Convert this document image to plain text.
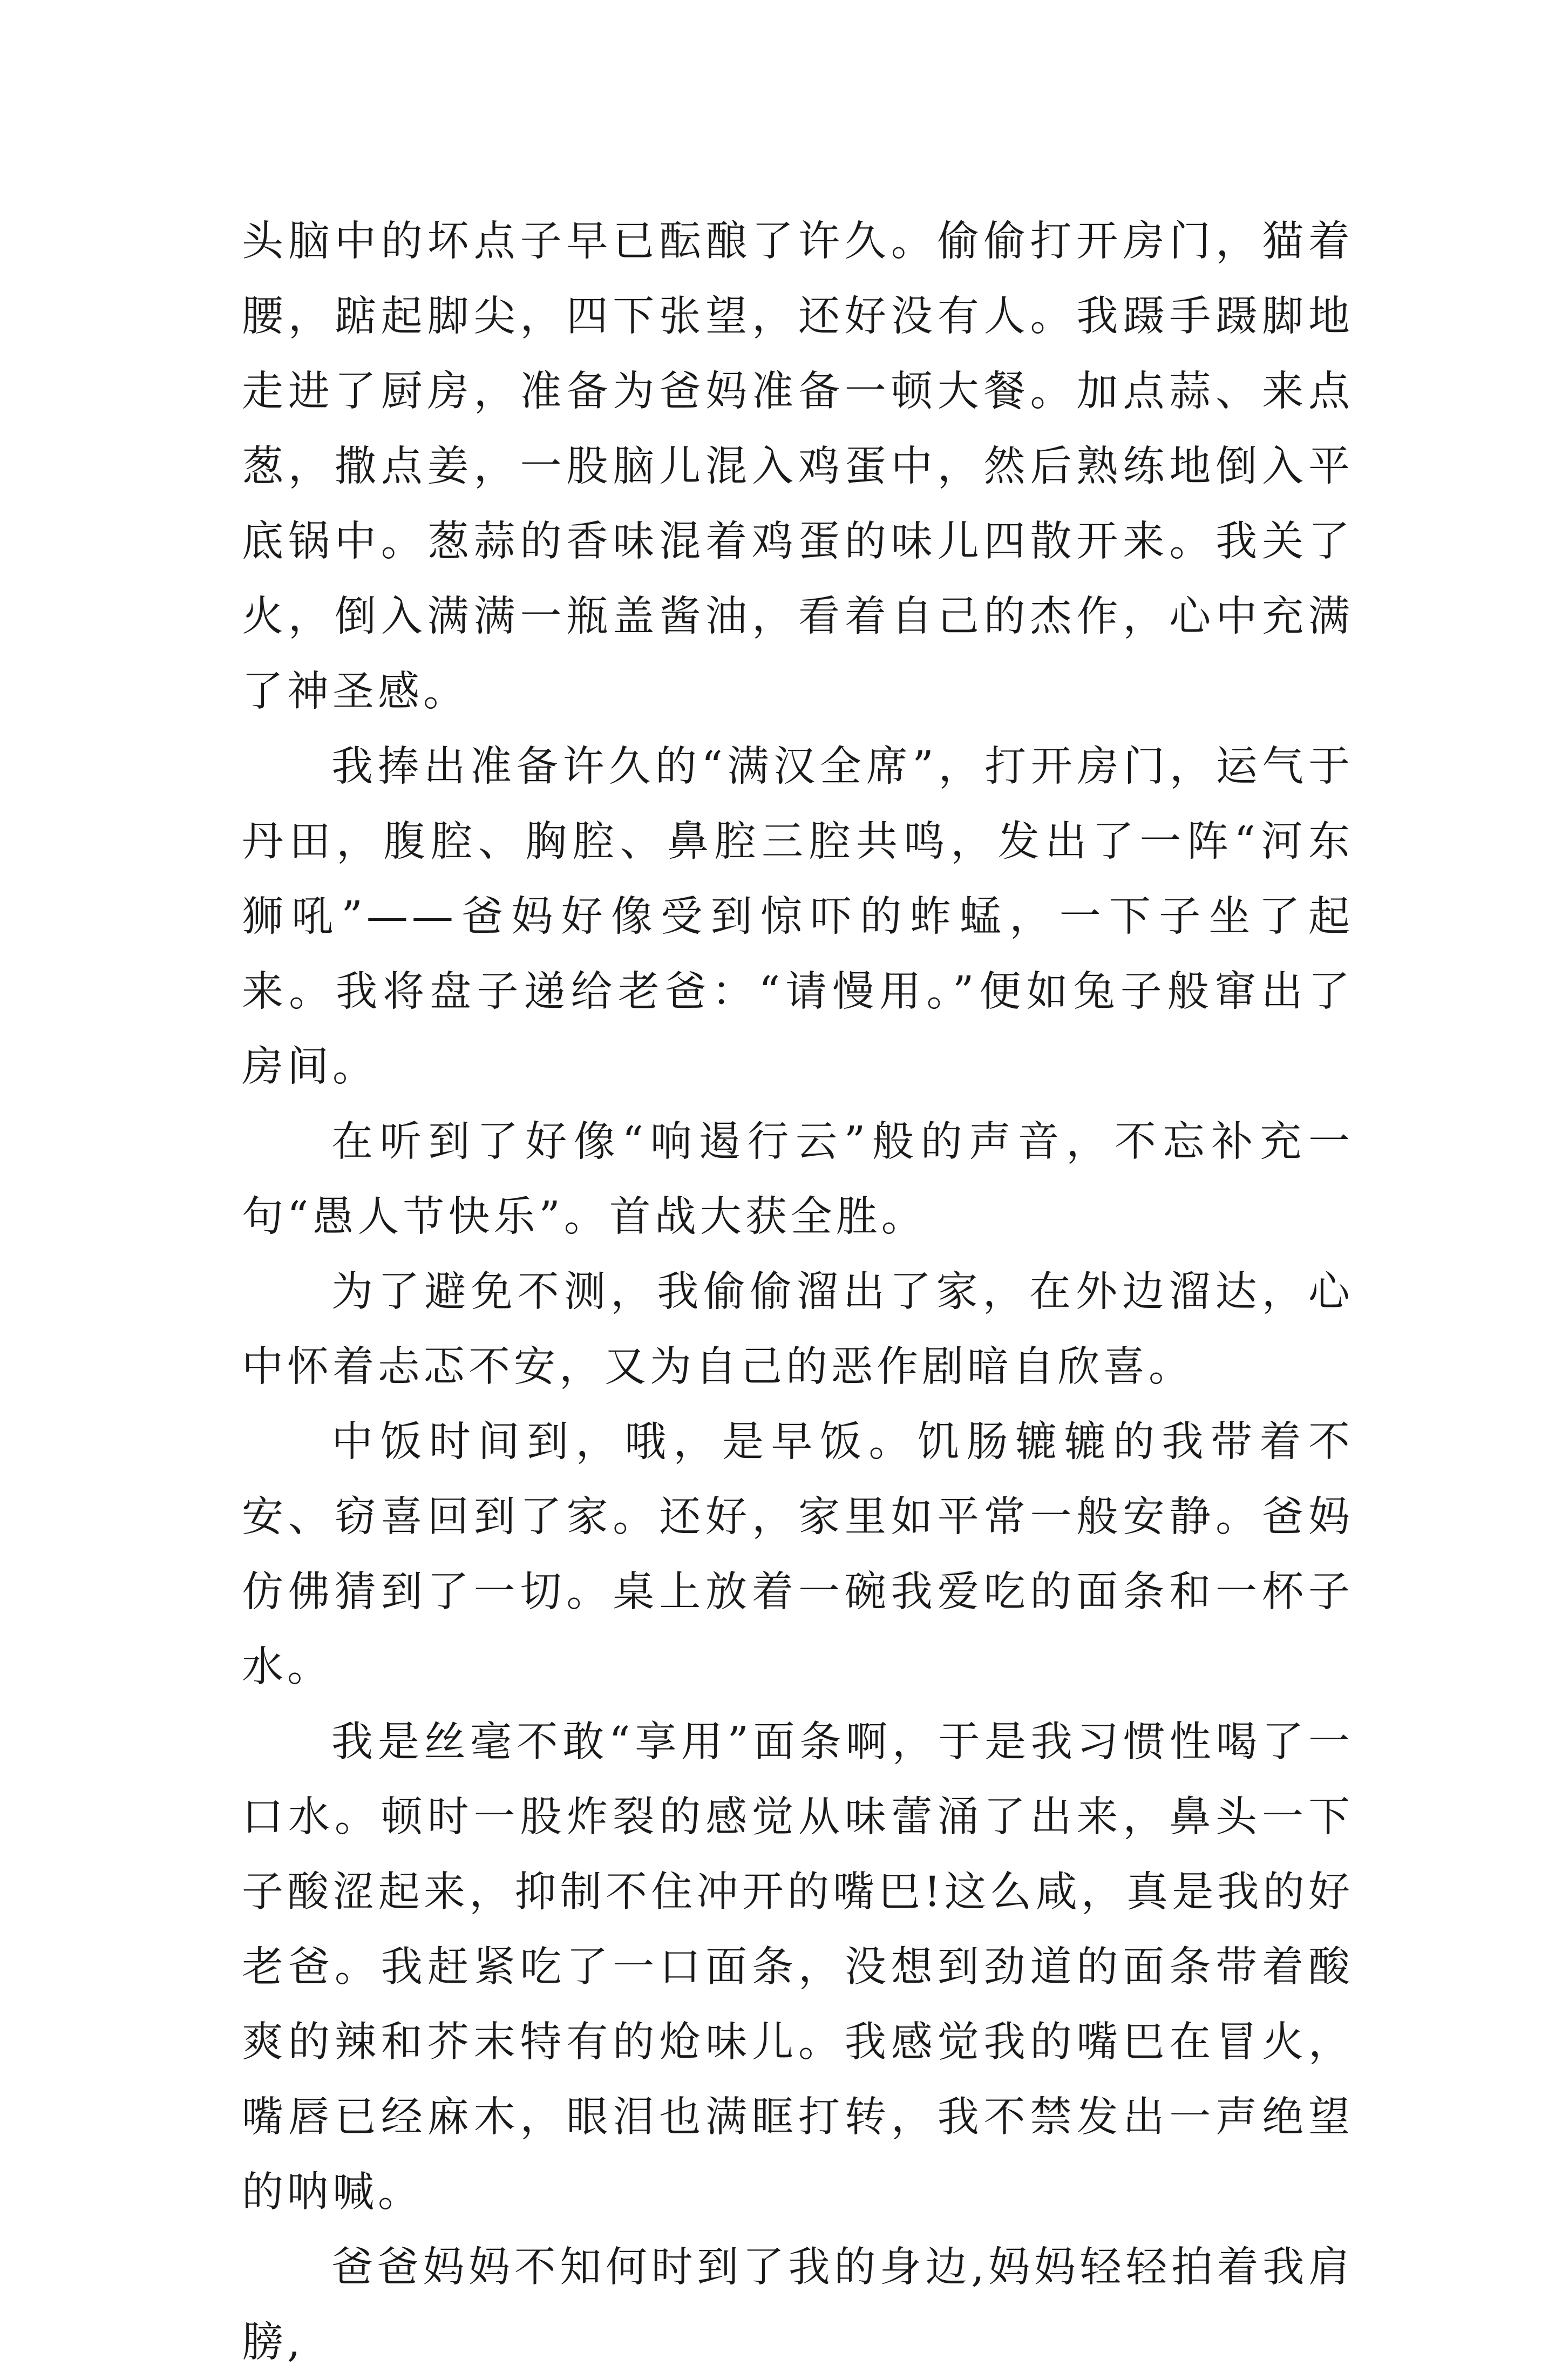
头脑中的坏点子早已酝酿了许久。偷偷打开房门，猫着腰，踮起脚尖，四下张望，还好没有人。我蹑手蹑脚地走进了厨房，准备为爸妈准备一顿大餐。加点蒜、来点葱，撒点姜，一股脑儿混入鸡蛋中，然后熟练地倒入平底锅中。葱蒜的香味混着鸡蛋的味儿四散开来。我关了火，倒入满满一瓶盖酱油，看着自己的杰作，心中充满了神圣感。

我捧出准备许久的“满汉全席”，打开房门，运气于丹田，腹腔、胸腔、鼻腔三腔共鸣，发出了一阵“河东狮吼”——爸妈好像受到惊吓的蚱蜢，一下子坐了起来。我将盘子递给老爸：“请慢用。”便如兔子般窜出了房间。

在听到了好像“响遏行云”般的声音，不忘补充一句“愚人节快乐”。首战大获全胜。

为了避免不测，我偷偷溜出了家，在外边溜达，心中怀着忐忑不安，又为自己的恶作剧暗自欣喜。

中饭时间到，哦，是早饭。饥肠辘辘的我带着不安、窃喜回到了家。还好，家里如平常一般安静。爸妈仿佛猜到了一切。桌上放着一碗我爱吃的面条和一杯子水。

我是丝毫不敢“享用”面条啊，于是我习惯性喝了一口水。顿时一股炸裂的感觉从味蕾涌了出来，鼻头一下子酸涩起来，抑制不住冲开的嘴巴!这么咸，真是我的好老爸。我赶紧吃了一口面条，没想到劲道的面条带着酸爽的辣和芥末特有的炝味儿。我感觉我的嘴巴在冒火，嘴唇已经麻木，眼泪也满眶打转，我不禁发出一声绝望的呐喊。

爸爸妈妈不知何时到了我的身边,妈妈轻轻拍着我肩膀,
